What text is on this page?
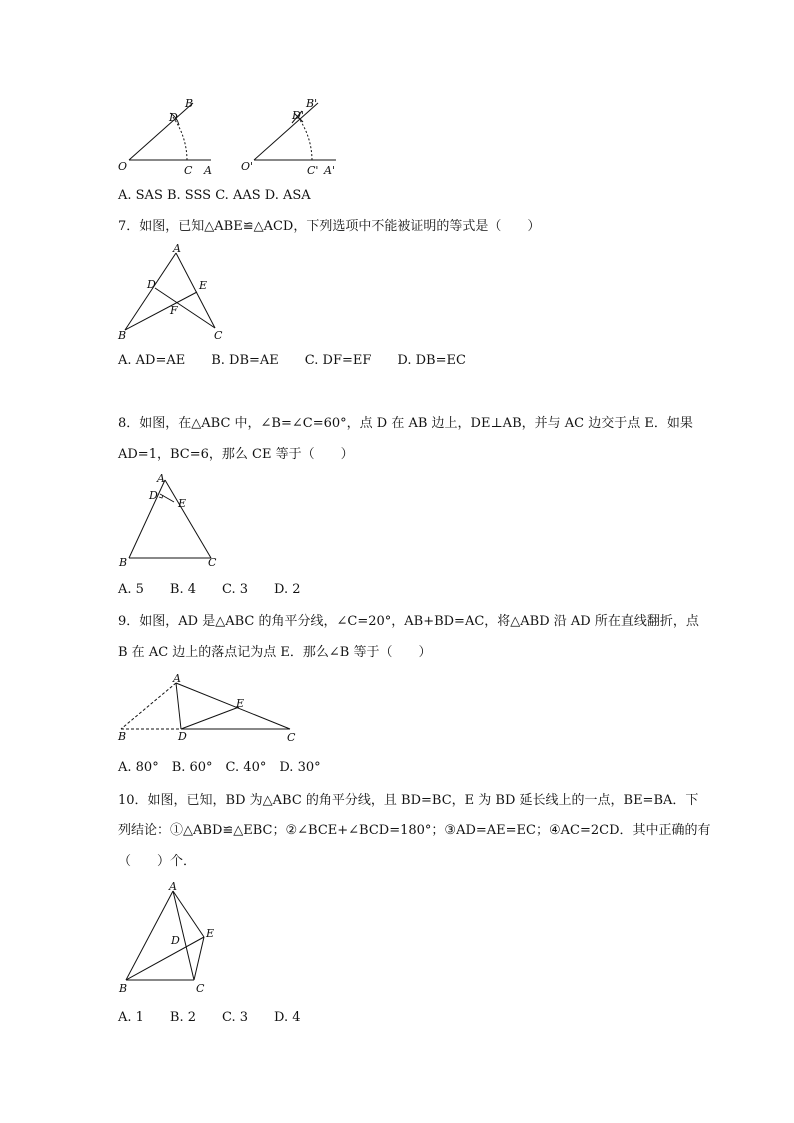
O
B
D
C A	O'
B'
D'
C' A'
A. SAS B. SSS C. AAS D. ASA
7．如图，已知△ABE≌△ACD，下列选项中不能被证明的等式是（　　）
A
D	E
F
B	C
A. AD=AE　　B. DB=AE　　C. DF=EF　　D. DB=EC
8．如图，在△ABC 中，∠B=∠C=60°，点 D 在 AB 边上，DE⊥AB，并与 AC 边交于点 E．如果
AD=1，BC=6，那么 CE 等于（　　）
A
D
E
B	C
A. 5　　B. 4　　C. 3　　D. 2
9．如图，AD 是△ABC 的角平分线，∠C=20°，AB+BD=AC，将△ABD 沿 AD 所在直线翻折，点
B 在 AC 边上的落点记为点 E．那么∠B 等于（　　）
A
E
B	D	C
A. 80°　B. 60°　C. 40°　D. 30°
10．如图，已知，BD 为△ABC 的角平分线，且 BD=BC，E 为 BD 延长线上的一点，BE=BA．下
列结论：①△ABD≌△EBC；②∠BCE+∠BCD=180°；③AD=AE=EC；④AC=2CD．其中正确的有
（　　）个．
A
D
E
B	C
A. 1　　B. 2　　C. 3　　D. 4
